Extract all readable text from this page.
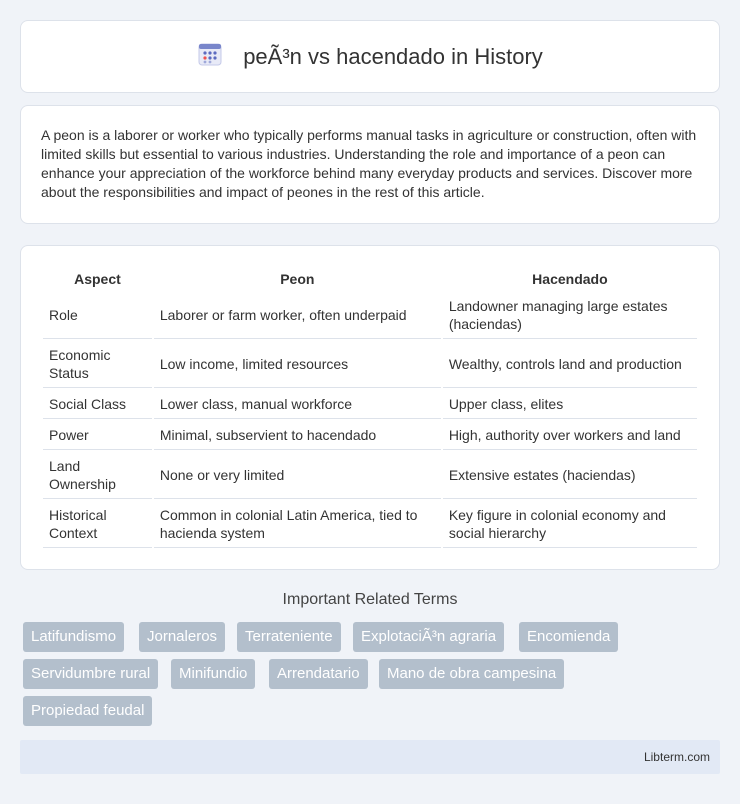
peÃ³n vs hacendado in History

A peon is a laborer or worker who typically performs manual tasks in agriculture or construction, often with limited skills but essential to various industries. Understanding the role and importance of a peon can enhance your appreciation of the workforce behind many everyday products and services. Discover more about the responsibilities and impact of peones in the rest of this article.

Aspect	Peon	Hacendado
Role	Laborer or farm worker, often underpaid	Landowner managing large estates (haciendas)
Economic Status	Low income, limited resources	Wealthy, controls land and production
Social Class	Lower class, manual workforce	Upper class, elites
Power	Minimal, subservient to hacendado	High, authority over workers and land
Land Ownership	None or very limited	Extensive estates (haciendas)
Historical Context	Common in colonial Latin America, tied to hacienda system	Key figure in colonial economy and social hierarchy
Important Related Terms
Latifundismo	Jornaleros	Terrateniente	ExplotaciÃ³n agraria	Encomienda
Servidumbre rural	Minifundio	Arrendatario	Mano de obra campesina
Propiedad feudal
Libterm.com
